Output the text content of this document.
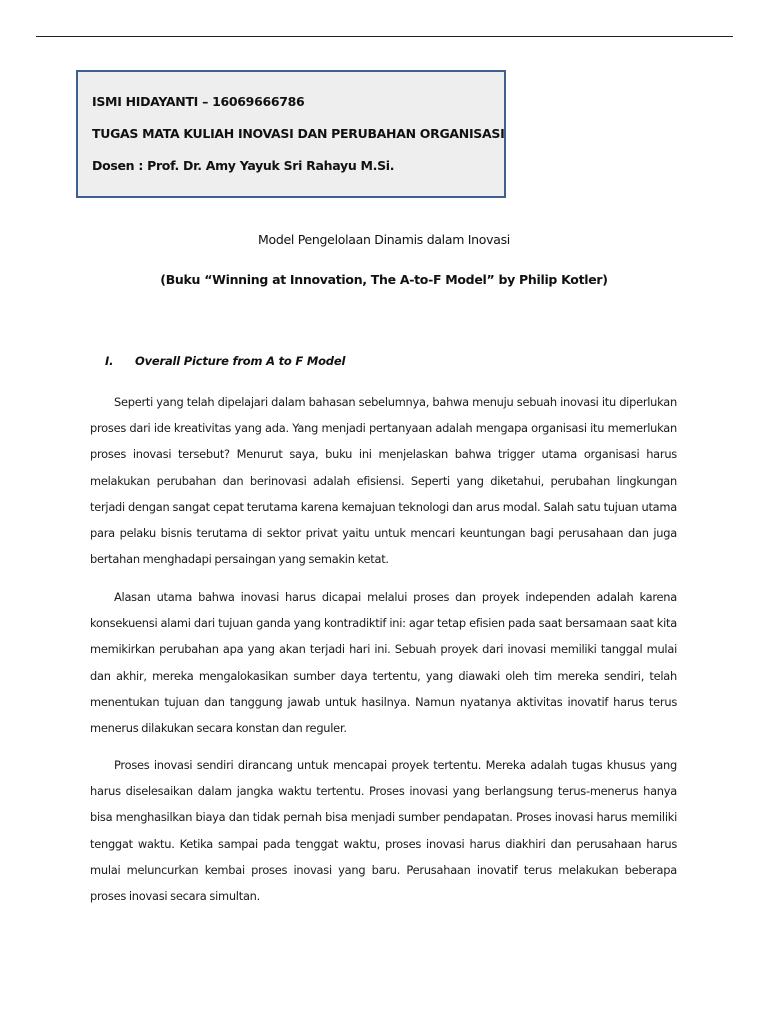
ISMI HIDAYANTI – 16069666786
TUGAS MATA KULIAH INOVASI DAN PERUBAHAN ORGANISASI
Dosen : Prof. Dr. Amy Yayuk Sri Rahayu M.Si.
Model Pengelolaan Dinamis dalam Inovasi
(Buku “Winning at Innovation, The A-to-F Model” by Philip Kotler)
I. Overall Picture from A to F Model

Seperti yang telah dipelajari dalam bahasan sebelumnya, bahwa menuju sebuah inovasi itu diperlukan proses dari ide kreativitas yang ada. Yang menjadi pertanyaan adalah mengapa organisasi itu memerlukan proses inovasi tersebut? Menurut saya, buku ini menjelaskan bahwa trigger utama organisasi harus melakukan perubahan dan berinovasi adalah efisiensi. Seperti yang diketahui, perubahan lingkungan terjadi dengan sangat cepat terutama karena kemajuan teknologi dan arus modal. Salah satu tujuan utama para pelaku bisnis terutama di sektor privat yaitu untuk mencari keuntungan bagi perusahaan dan juga bertahan menghadapi persaingan yang semakin ketat.

Alasan utama bahwa inovasi harus dicapai melalui proses dan proyek independen adalah karena konsekuensi alami dari tujuan ganda yang kontradiktif ini: agar tetap efisien pada saat bersamaan saat kita memikirkan perubahan apa yang akan terjadi hari ini. Sebuah proyek dari inovasi memiliki tanggal mulai dan akhir, mereka mengalokasikan sumber daya tertentu, yang diawaki oleh tim mereka sendiri, telah menentukan tujuan dan tanggung jawab untuk hasilnya. Namun nyatanya aktivitas inovatif harus terus menerus dilakukan secara konstan dan reguler.

Proses inovasi sendiri dirancang untuk mencapai proyek tertentu. Mereka adalah tugas khusus yang harus diselesaikan dalam jangka waktu tertentu. Proses inovasi yang berlangsung terus-menerus hanya bisa menghasilkan biaya dan tidak pernah bisa menjadi sumber pendapatan. Proses inovasi harus memiliki tenggat waktu. Ketika sampai pada tenggat waktu, proses inovasi harus diakhiri dan perusahaan harus mulai meluncurkan kembai proses inovasi yang baru. Perusahaan inovatif terus melakukan beberapa proses inovasi secara simultan.
